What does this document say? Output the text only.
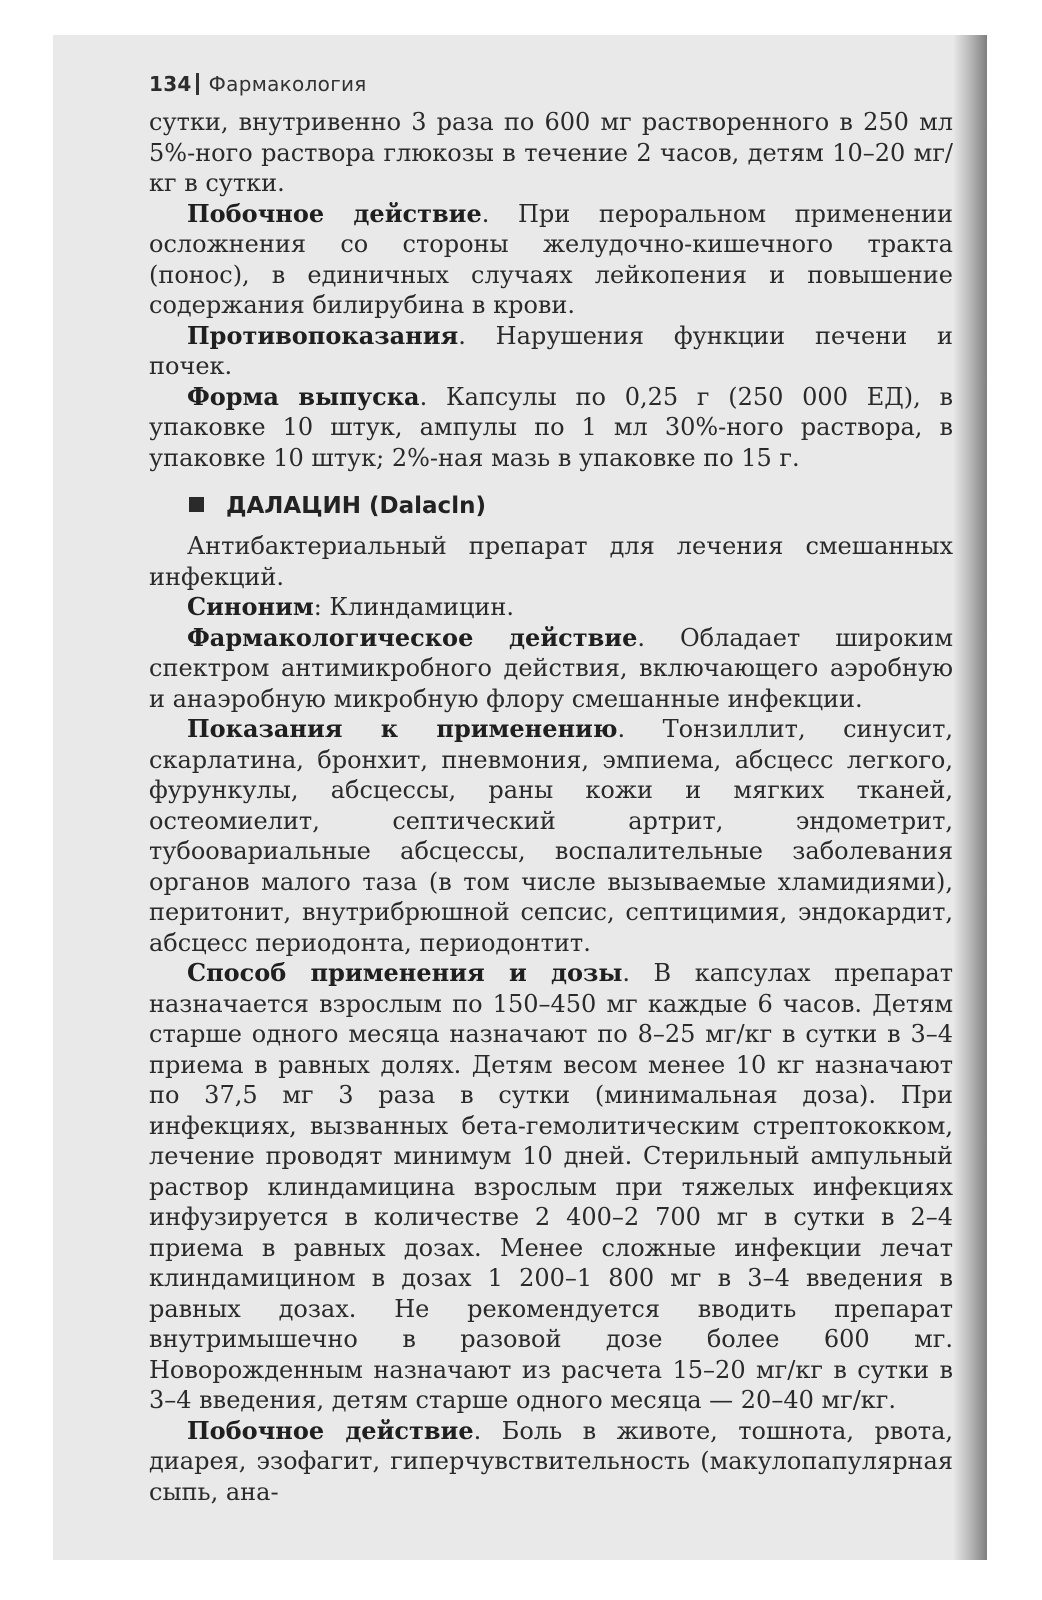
134 Фармакология

сутки, внутривенно 3 раза по 600 мг растворенного в 250 мл 5%-ного раствора глюкозы в течение 2 часов, детям 10–20 мг/кг в сутки.

Побочное действие. При пероральном применении осложнения со стороны желудочно-кишечного тракта (понос), в единичных случаях лейкопения и повышение содержания билирубина в крови.

Противопоказания. Нарушения функции печени и почек.

Форма выпуска. Капсулы по 0,25 г (250 000 ЕД), в упаковке 10 штук, ампулы по 1 мл 30%-ного раствора, в упаковке 10 штук; 2%-ная мазь в упаковке по 15 г.

ДАЛАЦИН (Dalacln)

Антибактериальный препарат для лечения смешанных инфекций.

Синоним: Клиндамицин.

Фармакологическое действие. Обладает широким спектром антимикробного действия, включающего аэробную и анаэробную микробную флору смешанные инфекции.

Показания к применению. Тонзиллит, синусит, скарлатина, бронхит, пневмония, эмпиема, абсцесс легкого, фурункулы, абсцессы, раны кожи и мягких тканей, остеомиелит, септический артрит, эндометрит, тубоовариальные абсцессы, воспалительные заболевания органов малого таза (в том числе вызываемые хламидиями), перитонит, внутрибрюшной сепсис, септицимия, эндокардит, абсцесс периодонта, периодонтит.

Способ применения и дозы. В капсулах препарат назначается взрослым по 150–450 мг каждые 6 часов. Детям старше одного месяца назначают по 8–25 мг/кг в сутки в 3–4 приема в равных долях. Детям весом менее 10 кг назначают по 37,5 мг 3 раза в сутки (минимальная доза). При инфекциях, вызванных бета-гемолитическим стрептококком, лечение проводят минимум 10 дней. Стерильный ампульный раствор клиндамицина взрослым при тяжелых инфекциях инфузируется в количестве 2 400–2 700 мг в сутки в 2–4 приема в равных дозах. Менее сложные инфекции лечат клиндамицином в дозах 1 200–1 800 мг в 3–4 введения в равных дозах. Не рекомендуется вводить препарат внутримышечно в разовой дозе более 600 мг. Новорожденным назначают из расчета 15–20 мг/кг в сутки в 3–4 введения, детям старше одного месяца — 20–40 мг/кг.

Побочное действие. Боль в животе, тошнота, рвота, диарея, эзофагит, гиперчувствительность (макулопапулярная сыпь, ана-
